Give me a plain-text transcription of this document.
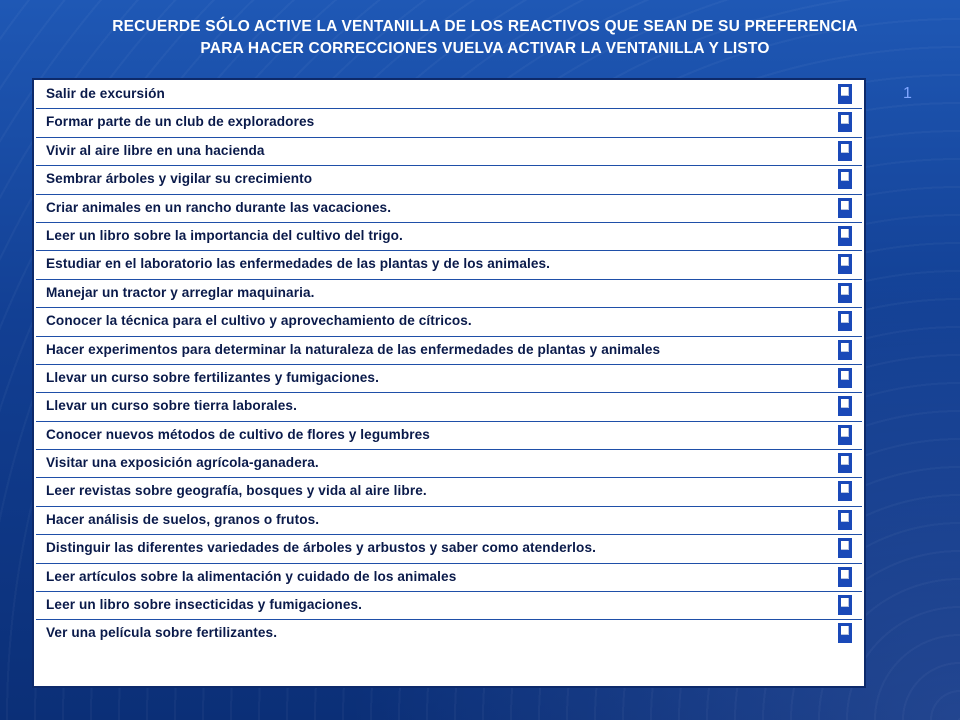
RECUERDE SÓLO ACTIVE LA VENTANILLA DE LOS REACTIVOS QUE SEAN DE SU PREFERENCIA
PARA HACER CORRECCIONES VUELVA ACTIVAR LA VENTANILLA Y LISTO
1
Salir de excursión
Formar parte de un club de exploradores
Vivir al aire libre en una hacienda
Sembrar árboles y vigilar su crecimiento
Criar animales en un rancho durante las vacaciones.
Leer un libro sobre la importancia del cultivo del trigo.
Estudiar en el laboratorio las enfermedades de las plantas y de los animales.
Manejar un tractor y arreglar maquinaria.
Conocer la técnica para el cultivo y aprovechamiento de cítricos.
Hacer experimentos para determinar la naturaleza de las enfermedades de plantas y animales
Llevar un curso sobre fertilizantes y fumigaciones.
Llevar un curso sobre tierra laborales.
Conocer nuevos métodos de cultivo de flores y legumbres
Visitar una exposición agrícola-ganadera.
Leer revistas sobre geografía, bosques y vida al aire libre.
Hacer análisis de suelos, granos o frutos.
Distinguir las diferentes variedades de árboles y arbustos y saber como atenderlos.
Leer artículos sobre la alimentación y cuidado de los animales
Leer un libro sobre insecticidas y fumigaciones.
Ver una película sobre fertilizantes.
